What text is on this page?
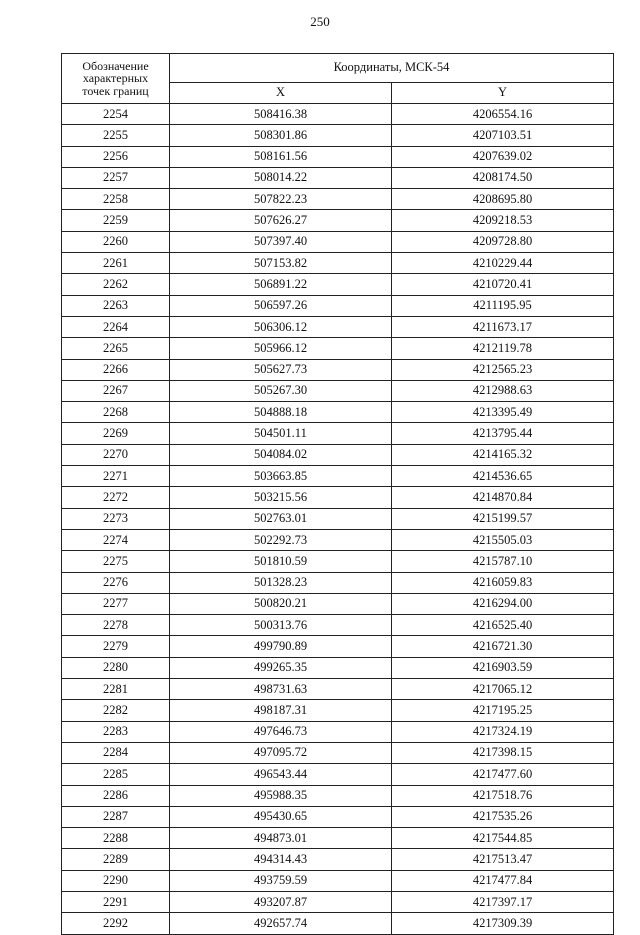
250
Обозначение
характерных
точек границ	Координаты, МСК-54	
	X	Y
2254	508416.38	4206554.16
2255	508301.86	4207103.51
2256	508161.56	4207639.02
2257	508014.22	4208174.50
2258	507822.23	4208695.80
2259	507626.27	4209218.53
2260	507397.40	4209728.80
2261	507153.82	4210229.44
2262	506891.22	4210720.41
2263	506597.26	4211195.95
2264	506306.12	4211673.17
2265	505966.12	4212119.78
2266	505627.73	4212565.23
2267	505267.30	4212988.63
2268	504888.18	4213395.49
2269	504501.11	4213795.44
2270	504084.02	4214165.32
2271	503663.85	4214536.65
2272	503215.56	4214870.84
2273	502763.01	4215199.57
2274	502292.73	4215505.03
2275	501810.59	4215787.10
2276	501328.23	4216059.83
2277	500820.21	4216294.00
2278	500313.76	4216525.40
2279	499790.89	4216721.30
2280	499265.35	4216903.59
2281	498731.63	4217065.12
2282	498187.31	4217195.25
2283	497646.73	4217324.19
2284	497095.72	4217398.15
2285	496543.44	4217477.60
2286	495988.35	4217518.76
2287	495430.65	4217535.26
2288	494873.01	4217544.85
2289	494314.43	4217513.47
2290	493759.59	4217477.84
2291	493207.87	4217397.17
2292	492657.74	4217309.39
